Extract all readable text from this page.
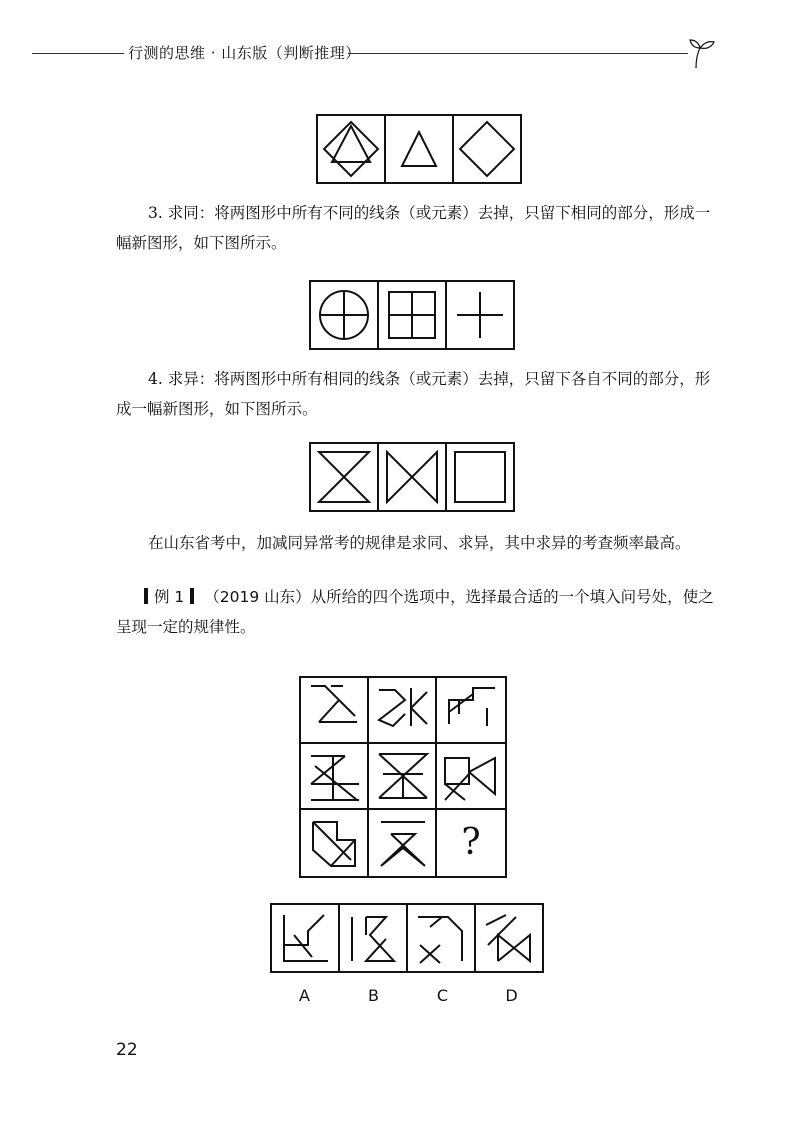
行测的思维 · 山东版（判断推理）

3. 求同：将两图形中所有不同的线条（或元素）去掉，只留下相同的部分，形成一幅新图形，如下图所示。

4. 求异：将两图形中所有相同的线条（或元素）去掉，只留下各自不同的部分，形成一幅新图形，如下图所示。

在山东省考中，加减同异常考的规律是求同、求异，其中求异的考查频率最高。

例 1 （2019 山东）从所给的四个选项中，选择最合适的一个填入问号处，使之呈现一定的规律性。
?
A	B	C	D
22
